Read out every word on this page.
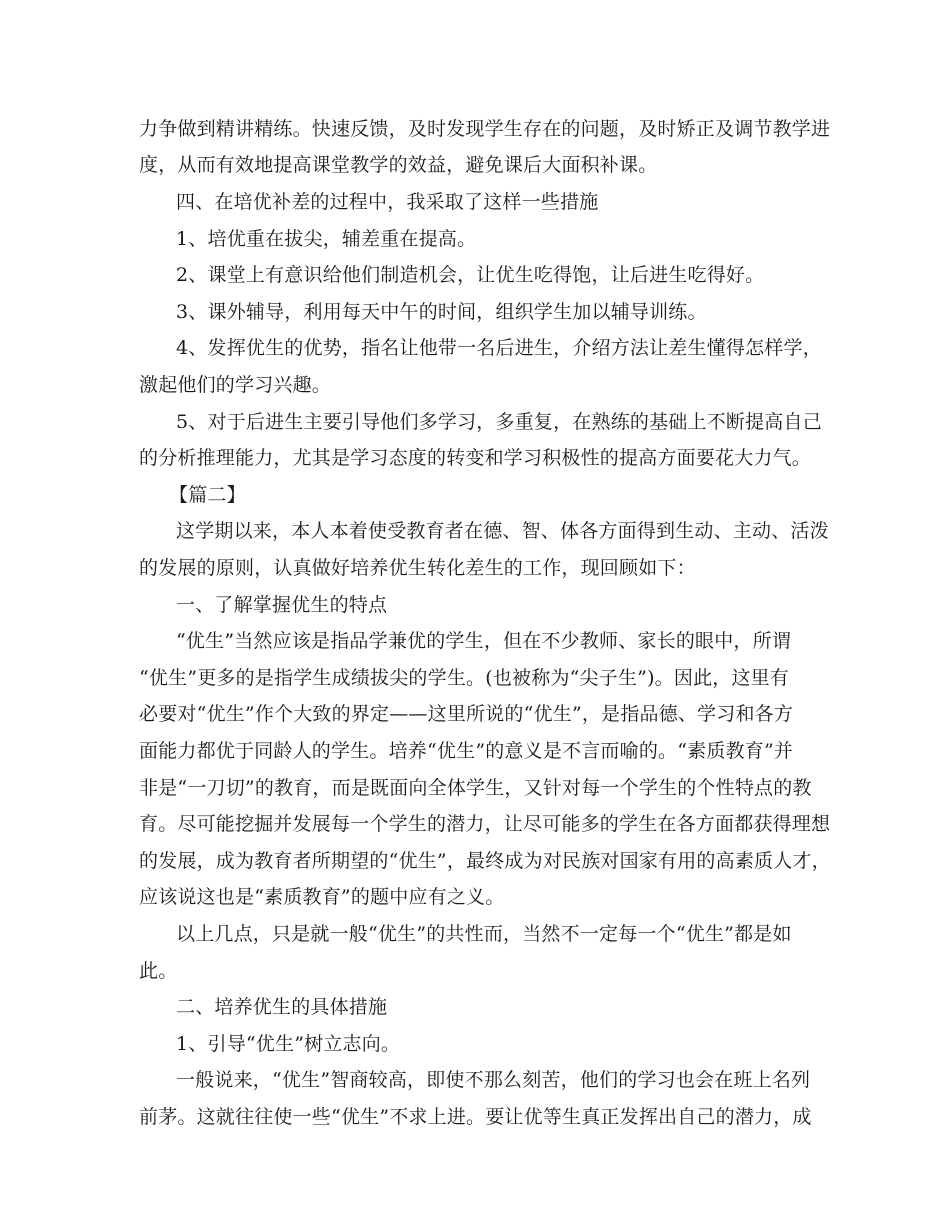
力争做到精讲精练。快速反馈，及时发现学生存在的问题，及时矫正及调节教学进
度，从而有效地提高课堂教学的效益，避免课后大面积补课。
四、在培优补差的过程中，我采取了这样一些措施
1、培优重在拔尖，辅差重在提高。
2、课堂上有意识给他们制造机会，让优生吃得饱，让后进生吃得好。
3、课外辅导，利用每天中午的时间，组织学生加以辅导训练。
4、发挥优生的优势，指名让他带一名后进生，介绍方法让差生懂得怎样学，
激起他们的学习兴趣。
5、对于后进生主要引导他们多学习，多重复，在熟练的基础上不断提高自己
的分析推理能力，尤其是学习态度的转变和学习积极性的提高方面要花大力气。
【篇二】
这学期以来，本人本着使受教育者在德、智、体各方面得到生动、主动、活泼
的发展的原则，认真做好培养优生转化差生的工作，现回顾如下：
一、了解掌握优生的特点
“优生”当然应该是指品学兼优的学生，但在不少教师、家长的眼中，所谓
“优生”更多的是指学生成绩拔尖的学生。(也被称为“尖子生”)。因此，这里有
必要对“优生”作个大致的界定——这里所说的“优生”，是指品德、学习和各方
面能力都优于同龄人的学生。培养“优生”的意义是不言而喻的。“素质教育”并
非是“一刀切”的教育，而是既面向全体学生，又针对每一个学生的个性特点的教
育。尽可能挖掘并发展每一个学生的潜力，让尽可能多的学生在各方面都获得理想
的发展，成为教育者所期望的“优生”，最终成为对民族对国家有用的高素质人才，
应该说这也是“素质教育”的题中应有之义。
以上几点，只是就一般“优生”的共性而，当然不一定每一个“优生”都是如
此。
二、培养优生的具体措施
1、引导“优生”树立志向。
一般说来，“优生”智商较高，即使不那么刻苦，他们的学习也会在班上名列
前茅。这就往往使一些“优生”不求上进。要让优等生真正发挥出自己的潜力，成
